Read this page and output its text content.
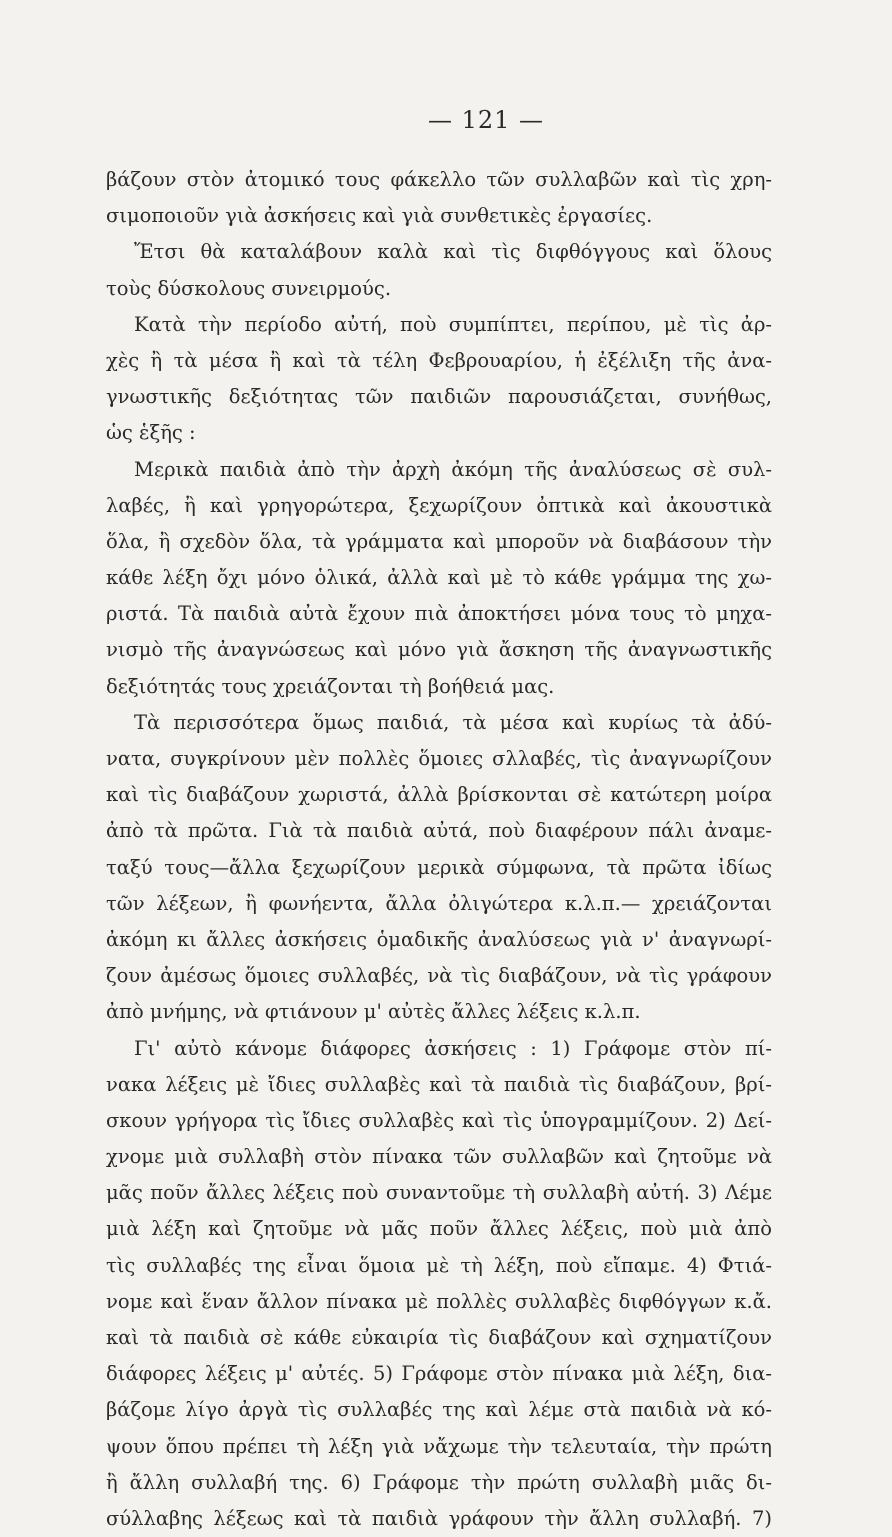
— 121 —
βάζουν στὸν ἀτομικό τους φάκελλο τῶν συλλαβῶν καὶ τὶς χρη-
σιμοποιοῦν γιὰ ἀσκήσεις καὶ γιὰ συνθετικὲς ἐργασίες.
Ἔτσι θὰ καταλάβουν καλὰ καὶ τὶς διφθόγγους καὶ ὅλους
τοὺς δύσκολους συνειρμούς.
Κατὰ τὴν περίοδο αὐτή, ποὺ συμπίπτει, περίπου, μὲ τὶς ἀρ-
χὲς ἢ τὰ μέσα ἢ καὶ τὰ τέλη Φεβρουαρίου, ἡ ἐξέλιξη τῆς ἀνα-
γνωστικῆς δεξιότητας τῶν παιδιῶν παρουσιάζεται, συνήθως,
ὡς ἑξῆς :
Μερικὰ παιδιὰ ἀπὸ τὴν ἀρχὴ ἀκόμη τῆς ἀναλύσεως σὲ συλ-
λαβές, ἢ καὶ γρηγορώτερα, ξεχωρίζουν ὀπτικὰ καὶ ἀκουστικὰ
ὅλα, ἢ σχεδὸν ὅλα, τὰ γράμματα καὶ μποροῦν νὰ διαβάσουν τὴν
κάθε λέξη ὄχι μόνο ὁλικά, ἀλλὰ καὶ μὲ τὸ κάθε γράμμα της χω-
ριστά. Τὰ παιδιὰ αὐτὰ ἔχουν πιὰ ἀποκτήσει μόνα τους τὸ μηχα-
νισμὸ τῆς ἀναγνώσεως καὶ μόνο γιὰ ἄσκηση τῆς ἀναγνωστικῆς
δεξιότητάς τους χρειάζονται τὴ βοήθειά μας.
Τὰ περισσότερα ὅμως παιδιά, τὰ μέσα καὶ κυρίως τὰ ἀδύ-
νατα, συγκρίνουν μὲν πολλὲς ὅμοιες σλλαβές, τὶς ἀναγνωρίζουν
καὶ τὶς διαβάζουν χωριστά, ἀλλὰ βρίσκονται σὲ κατώτερη μοίρα
ἀπὸ τὰ πρῶτα. Γιὰ τὰ παιδιὰ αὐτά, ποὺ διαφέρουν πάλι ἀναμε-
ταξύ τους—ἄλλα ξεχωρίζουν μερικὰ σύμφωνα, τὰ πρῶτα ἰδίως
τῶν λέξεων, ἢ φωνήεντα, ἄλλα ὀλιγώτερα κ.λ.π.— χρειάζονται
ἀκόμη κι ἄλλες ἀσκήσεις ὁμαδικῆς ἀναλύσεως γιὰ ν' ἀναγνωρί-
ζουν ἀμέσως ὅμοιες συλλαβές, νὰ τὶς διαβάζουν, νὰ τὶς γράφουν
ἀπὸ μνήμης, νὰ φτιάνουν μ' αὐτὲς ἄλλες λέξεις κ.λ.π.
Γι' αὐτὸ κάνομε διάφορες ἀσκήσεις : 1) Γράφομε στὸν πί-
νακα λέξεις μὲ ἴδιες συλλαβὲς καὶ τὰ παιδιὰ τὶς διαβάζουν, βρί-
σκουν γρήγορα τὶς ἴδιες συλλαβὲς καὶ τὶς ὑπογραμμίζουν. 2) Δεί-
χνομε μιὰ συλλαβὴ στὸν πίνακα τῶν συλλαβῶν καὶ ζητοῦμε νὰ
μᾶς ποῦν ἄλλες λέξεις ποὺ συναντοῦμε τὴ συλλαβὴ αὐτή. 3) Λέμε
μιὰ λέξη καὶ ζητοῦμε νὰ μᾶς ποῦν ἄλλες λέξεις, ποὺ μιὰ ἀπὸ
τὶς συλλαβές της εἶναι ὅμοια μὲ τὴ λέξη, ποὺ εἴπαμε. 4) Φτιά-
νομε καὶ ἕναν ἄλλον πίνακα μὲ πολλὲς συλλαβὲς διφθόγγων κ.ἄ.
καὶ τὰ παιδιὰ σὲ κάθε εὐκαιρία τὶς διαβάζουν καὶ σχηματίζουν
διάφορες λέξεις μ' αὐτές. 5) Γράφομε στὸν πίνακα μιὰ λέξη, δια-
βάζομε λίγο ἀργὰ τὶς συλλαβές της καὶ λέμε στὰ παιδιὰ νὰ κό-
ψουν ὅπου πρέπει τὴ λέξη γιὰ νἄχωμε τὴν τελευταία, τὴν πρώτη
ἢ ἄλλη συλλαβή της. 6) Γράφομε τὴν πρώτη συλλαβὴ μιᾶς δι-
σύλλαβης λέξεως καὶ τὰ παιδιὰ γράφουν τὴν ἄλλη συλλαβή. 7)
